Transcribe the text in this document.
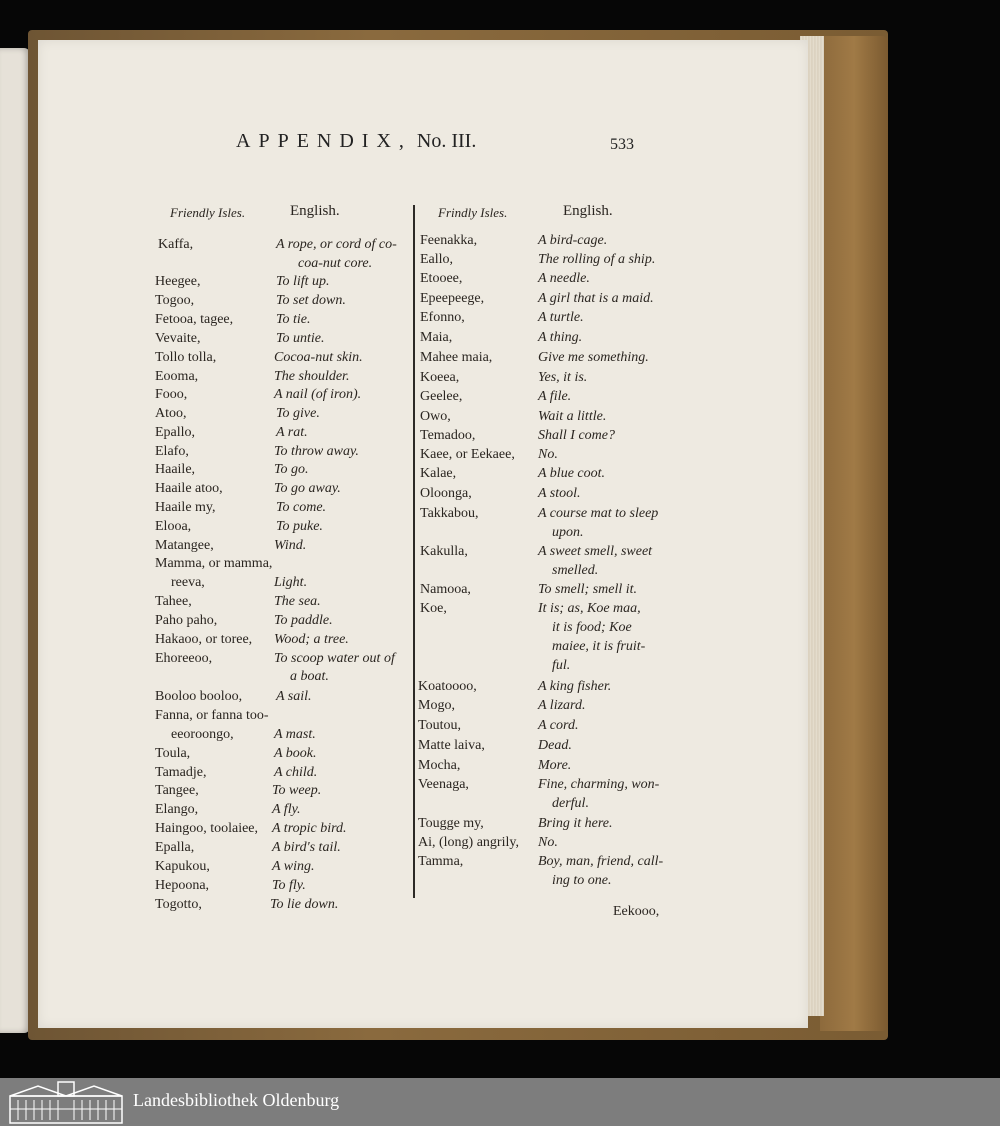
APPENDIX, No. III.	533
Friendly Isles.	English.	Frindly Isles.	English.
Kaffa,	A rope, or cord of co-
coa-nut core.
Heegee,	To lift up.
Togoo,	To set down.
Fetooa, tagee,	To tie.
Vevaite,	To untie.
Tollo tolla,	Cocoa-nut skin.
Eooma,	The shoulder.
Fooo,	A nail (of iron).
Atoo,	To give.
Epallo,	A rat.
Elafo,	To throw away.
Haaile,	To go.
Haaile atoo,	To go away.
Haaile my,	To come.
Elooa,	To puke.
Matangee,	Wind.
Mamma, or mamma,
reeva,	Light.
Tahee,	The sea.
Paho paho,	To paddle.
Hakaoo, or toree, Wood; a tree.
Ehoreeoo,	To scoop water out of
a boat.
Booloo booloo, A sail.
Fanna, or fanna too-
eeoroongo,	A mast.
Toula,	A book.
Tamadje,	A child.
Tangee,	To weep.
Elango,	A fly.
Haingoo, toolaiee, A tropic bird.
Epalla,	A bird's tail.
Kapukou,	A wing.
Hepoona,	To fly.
Togotto,	To lie down.
Feenakka,	A bird-cage.
Eallo,	The rolling of a ship.
Etooee,	A needle.
Epeepeege,	A girl that is a maid.
Efonno,	A turtle.
Maia,	A thing.
Mahee maia,	Give me something.
Koeea,	Yes, it is.
Geelee,	A file.
Owo,	Wait a little.
Temadoo,	Shall I come?
Kaee, or Eekaee, No.
Kalae,	A blue coot.
Oloonga,	A stool.
Takkabou,	A course mat to sleep
upon.
Kakulla,	A sweet smell, sweet
smelled.
Namooa,	To smell; smell it.
Koe,	It is; as, Koe maa,
it is food; Koe
maiee, it is fruit-
ful.
Koatoooo,	A king fisher.
Mogo,	A lizard.
Toutou,	A cord.
Matte laiva,	Dead.
Mocha,	More.
Veenaga,	Fine, charming, won-
derful.
Tougge my,	Bring it here.
Ai, (long) angrily, No.
Tamma,	Boy, man, friend, call-
ing to one.
Eekooo,
Landesbibliothek Oldenburg
